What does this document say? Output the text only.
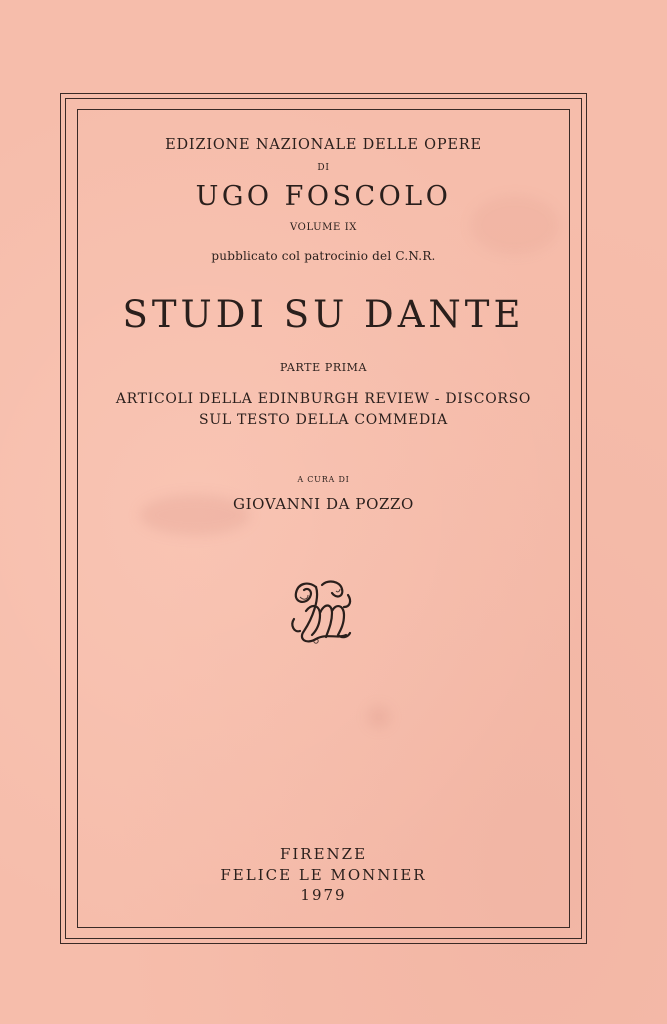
EDIZIONE NAZIONALE DELLE OPERE
DI
UGO FOSCOLO
VOLUME IX
pubblicato col patrocinio del C.N.R.
STUDI SU DANTE
PARTE PRIMA
ARTICOLI DELLA EDINBURGH REVIEW - DISCORSO
SUL TESTO DELLA COMMEDIA
A CURA DI
GIOVANNI DA POZZO
FIRENZE
FELICE LE MONNIER
1979
